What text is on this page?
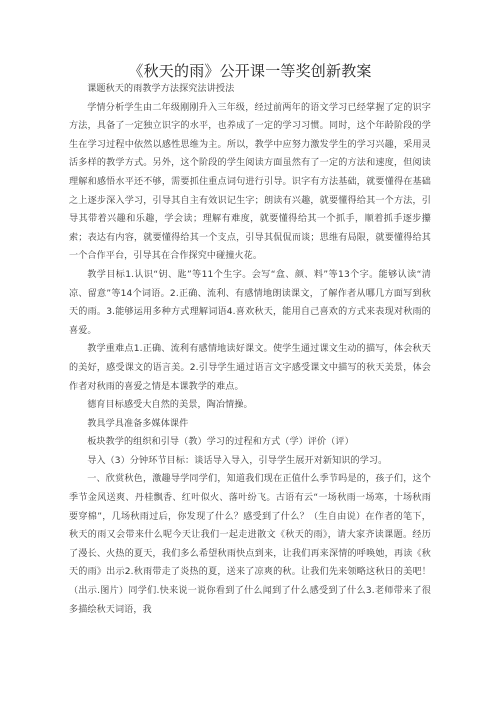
《秋天的雨》公开课一等奖创新教案

课题秋天的雨教学方法探究法讲授法

学情分析学生由二年级刚刚升入三年级，经过前两年的语文学习已经掌握了定的识字方法，具备了一定独立识字的水平，也养成了一定的学习习惯。同时，这个年龄阶段的学生在学习过程中依然以感性思维为主。所以，教学中应努力激发学生的学习兴趣，采用灵活多样的教学方式。另外，这个阶段的学生阅读方面虽然有了一定的方法和速度，但阅读理解和感悟水平还不够，需要抓住重点词句进行引导。识字有方法基础，就要懂得在基础之上逐步深入学习，引导其自主有效识记生字；朗读有兴趣，就要懂得给其一个方法，引导其带着兴趣和乐趣，学会读；理解有难度，就要懂得给其一个抓手，顺着抓手逐步攥索；表达有内容，就要懂得给其一个支点，引导其侃侃而谈；思维有局限，就要懂得给其一个合作平台，引导其在合作探究中碰撞火花。

教学目标1.认识“钥、匙”等11个生字。会写“盒、颜、料”等13个字。能够认读“清凉、留意”等14个词语。2.正确、流利、有感情地朗读课文，了解作者从哪几方面写到秋天的雨。3.能够运用多种方式理解词语4.喜欢秋天，能用自己喜欢的方式来表现对秋雨的喜爱。

教学重难点1.正确、流利有感情地读好课文。使学生通过课文生动的描写，体会秋天的美好，感受课文的语言美。2.引导学生通过语言文字感受课文中描写的秋天美景，体会作者对秋雨的喜爱之情是本课教学的难点。

德育目标感受大自然的美景，陶冶情操。

教具学具准备多媒体课件

板块教学的组织和引导（教）学习的过程和方式（学）评价（评）

导入（3）分钟环节目标：谈话导入导入，引导学生展开对新知识的学习。

一、欣赏秋色，激趣导学同学们，知道我们现在正值什么季节吗是的，孩子们，这个季节金风送爽、丹桂飘香、红叶似火、落叶纷飞。古语有云“一场秋雨一场寒，十场秋雨要穿棉”，几场秋雨过后，你发现了什么？感受到了什么？（生自由说）在作者的笔下，秋天的雨又会带来什么呢今天让我们一起走进散文《秋天的雨》，请大家齐读课题。经历了漫长、火热的夏天，我们多么希望秋雨快点到来，让我们再来深情的呼唤她，再读《秋天的雨》出示2.秋雨带走了炎热的夏，送来了凉爽的秋。让我们先来领略这秋日的美吧！（出示.图片）同学们.快来说一说你看到了什么闻到了什么感受到了什么3.老师带来了很多描绘秋天词语，我
